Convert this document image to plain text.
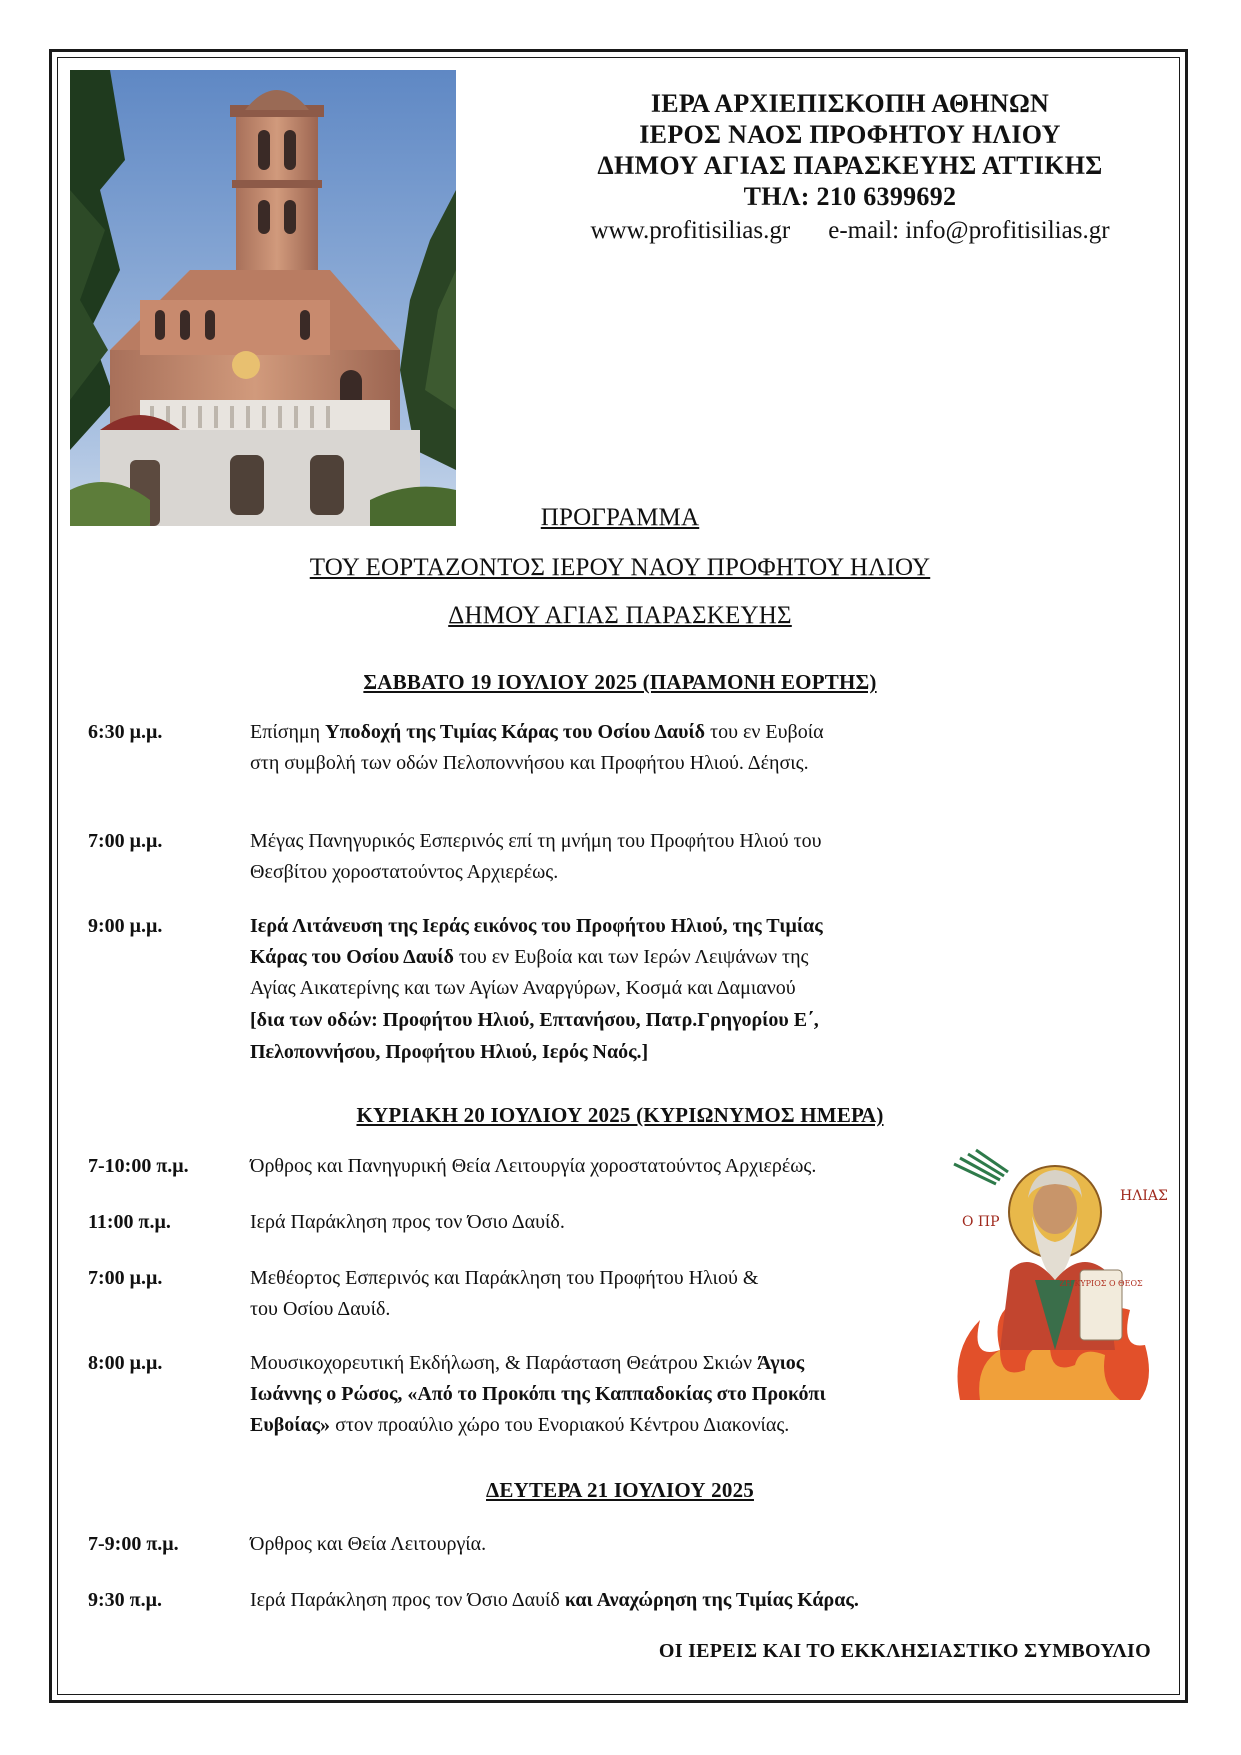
ΙΕΡΑ ΑΡΧΙΕΠΙΣΚΟΠΗ ΑΘΗΝΩΝ
ΙΕΡΟΣ ΝΑΟΣ ΠΡΟΦΗΤΟΥ ΗΛΙΟΥ
ΔΗΜΟΥ ΑΓΙΑΣ ΠΑΡΑΣΚΕΥΗΣ ΑΤΤΙΚΗΣ
ΤΗΛ: 210 6399692
www.profitisilias.gr e-mail: info@profitisilias.gr
ΠΡΟΓΡΑΜΜΑ
ΤΟΥ ΕΟΡΤΑΖΟΝΤΟΣ ΙΕΡΟΥ ΝΑΟΥ ΠΡΟΦΗΤΟΥ ΗΛΙΟΥ
ΔΗΜΟΥ ΑΓΙΑΣ ΠΑΡΑΣΚΕΥΗΣ
ΣΑΒΒΑΤΟ 19 ΙΟΥΛΙΟΥ 2025 (ΠΑΡΑΜΟΝΗ ΕΟΡΤΗΣ)
6:30 μ.μ.	Επίσημη Υποδοχή της Τιμίας Κάρας του Οσίου Δαυίδ του εν Ευβοία
στη συμβολή των οδών Πελοποννήσου και Προφήτου Ηλιού. Δέησις.
7:00 μ.μ.	Μέγας Πανηγυρικός Εσπερινός επί τη μνήμη του Προφήτου Ηλιού του
Θεσβίτου χοροστατούντος Αρχιερέως.
9:00 μ.μ.	Ιερά Λιτάνευση της Ιεράς εικόνος του Προφήτου Ηλιού, της Τιμίας
Κάρας του Οσίου Δαυίδ του εν Ευβοία και των Ιερών Λειψάνων της
Αγίας Αικατερίνης και των Αγίων Αναργύρων, Κοσμά και Δαμιανού

[δια των οδών: Προφήτου Ηλιού, Επτανήσου, Πατρ.Γρηγορίου Ε΄,
Πελοποννήσου, Προφήτου Ηλιού, Ιερός Ναός.]
ΚΥΡΙΑΚΗ 20 ΙΟΥΛΙΟΥ 2025 (ΚΥΡΙΩΝΥΜΟΣ ΗΜΕΡΑ)
7-10:00 π.μ.	Όρθρος και Πανηγυρική Θεία Λειτουργία χοροστατούντος Αρχιερέως.
11:00 π.μ.	Ιερά Παράκληση προς τον Όσιο Δαυίδ.
7:00 μ.μ.	Μεθέορτος Εσπερινός και Παράκληση του Προφήτου Ηλιού &
του Οσίου Δαυίδ.
8:00 μ.μ.	Μουσικοχορευτική Εκδήλωση, & Παράσταση Θεάτρου Σκιών Άγιος
Ιωάννης ο Ρώσος, «Από το Προκόπι της Καππαδοκίας στο Προκόπι
Ευβοίας» στον προαύλιο χώρο του Ενοριακού Κέντρου Διακονίας.
ΖΗ ΚΥΡΙΟΣ Ο ΘΕΟΣ
Ο ΠΡ
ΗΛΙΑΣ
ΔΕΥΤΕΡΑ 21 ΙΟΥΛΙΟΥ 2025
7-9:00 π.μ.	Όρθρος και Θεία Λειτουργία.
9:30 π.μ.	Ιερά Παράκληση προς τον Όσιο Δαυίδ και Αναχώρηση της Τιμίας Κάρας.
ΟΙ ΙΕΡΕΙΣ ΚΑΙ ΤΟ ΕΚΚΛΗΣΙΑΣΤΙΚΟ ΣΥΜΒΟΥΛΙΟ
